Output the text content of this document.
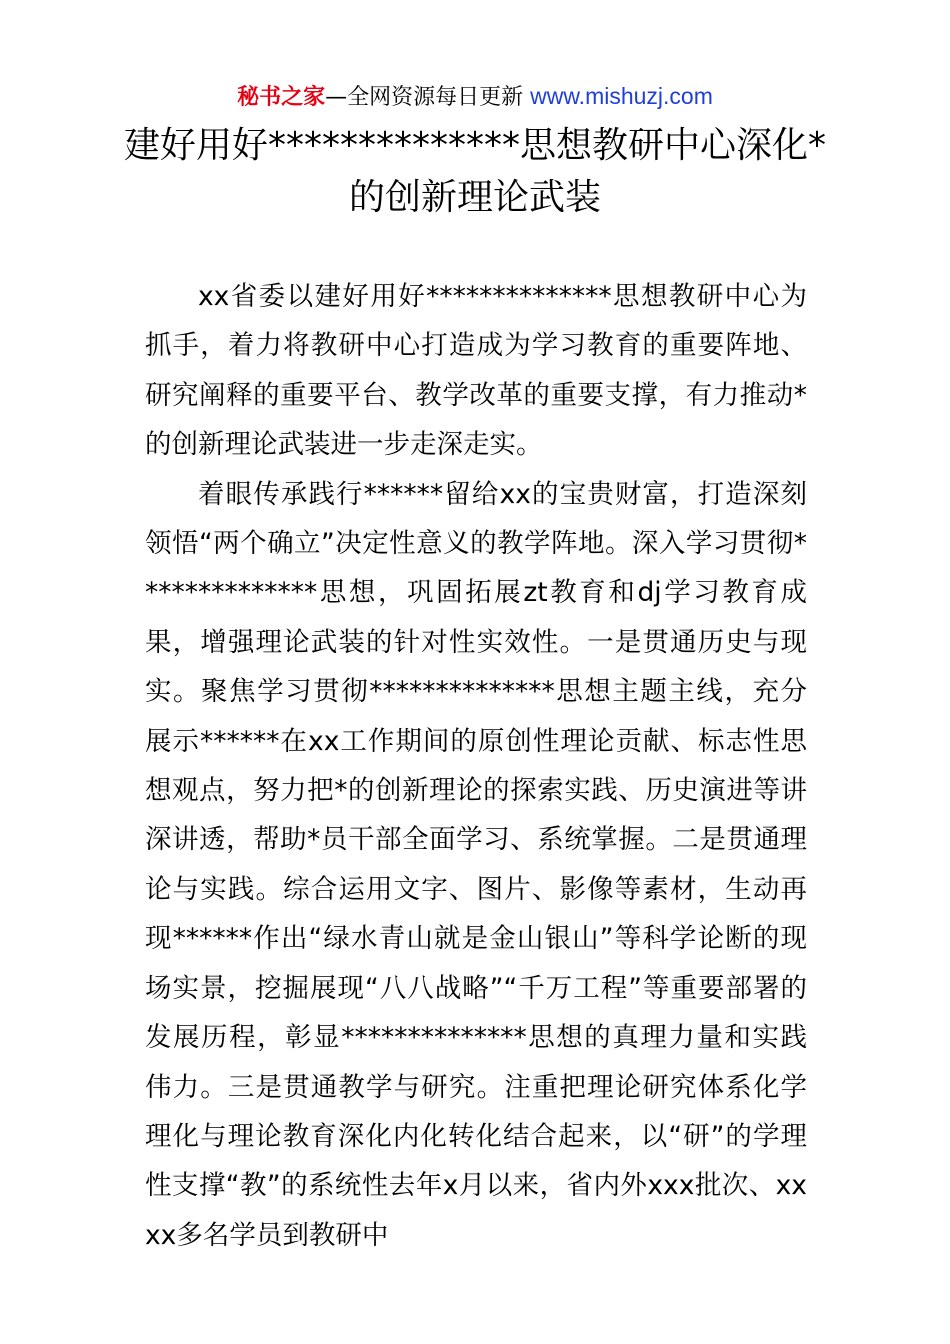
秘书之家—全网资源每日更新 www.mishuzj.com
建好用好**************思想教研中心深化*的创新理论武装

xx省委以建好用好**************思想教研中心为抓手，着力将教研中心打造成为学习教育的重要阵地、研究阐释的重要平台、教学改革的重要支撑，有力推动*的创新理论武装进一步走深走实。

着眼传承践行******留给xx的宝贵财富，打造深刻领悟“两个确立”决定性意义的教学阵地。深入学习贯彻**************思想，巩固拓展zt教育和dj学习教育成果，增强理论武装的针对性实效性。一是贯通历史与现实。聚焦学习贯彻**************思想主题主线，充分展示******在xx工作期间的原创性理论贡献、标志性思想观点，努力把*的创新理论的探索实践、历史演进等讲深讲透，帮助*员干部全面学习、系统掌握。二是贯通理论与实践。综合运用文字、图片、影像等素材，生动再现******作出“绿水青山就是金山银山”等科学论断的现场实景，挖掘展现“八八战略”“千万工程”等重要部署的发展历程，彰显**************思想的真理力量和实践伟力。三是贯通教学与研究。注重把理论研究体系化学理化与理论教育深化内化转化结合起来，以“研”的学理性支撑“教”的系统性去年x月以来，省内外xxx批次、xxxx多名学员到教研中
